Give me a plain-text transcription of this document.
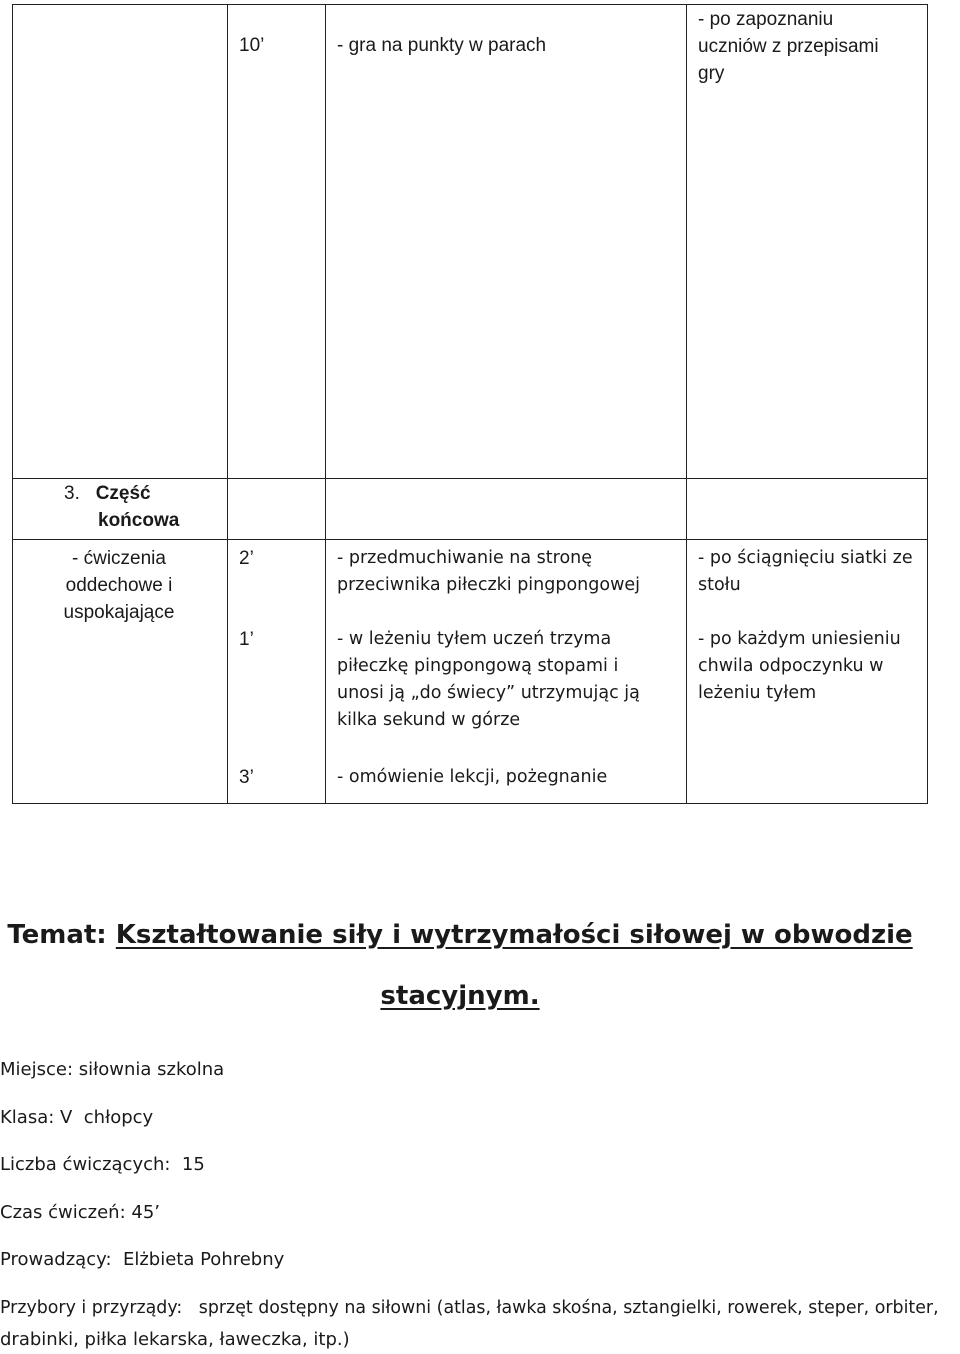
10’	- gra na punkty w parach
- po zapoznaniu
uczniów z przepisami
gry
3. Część
końcowa
- ćwiczenia
oddechowe i
uspokajające
2’
1’
3’
- przedmuchiwanie na stronę
przeciwnika piłeczki pingpongowej
- w leżeniu tyłem uczeń trzyma
piłeczkę pingpongową stopami i
unosi ją „do świecy” utrzymując ją
kilka sekund w górze
- omówienie lekcji, pożegnanie
- po ściągnięciu siatki ze
stołu
- po każdym uniesieniu
chwila odpoczynku w
leżeniu tyłem
Temat: Kształtowanie siły i wytrzymałości siłowej w obwodzie
stacyjnym.
Miejsce: siłownia szkolna
Klasa: V  chłopcy
Liczba ćwiczących:  15
Czas ćwiczeń: 45’
Prowadzący:  Elżbieta Pohrebny
Przybory i przyrządy:   sprzęt dostępny na siłowni (atlas, ławka skośna, sztangielki, rowerek, steper, orbiter,
drabinki, piłka lekarska, ławeczka, itp.)
